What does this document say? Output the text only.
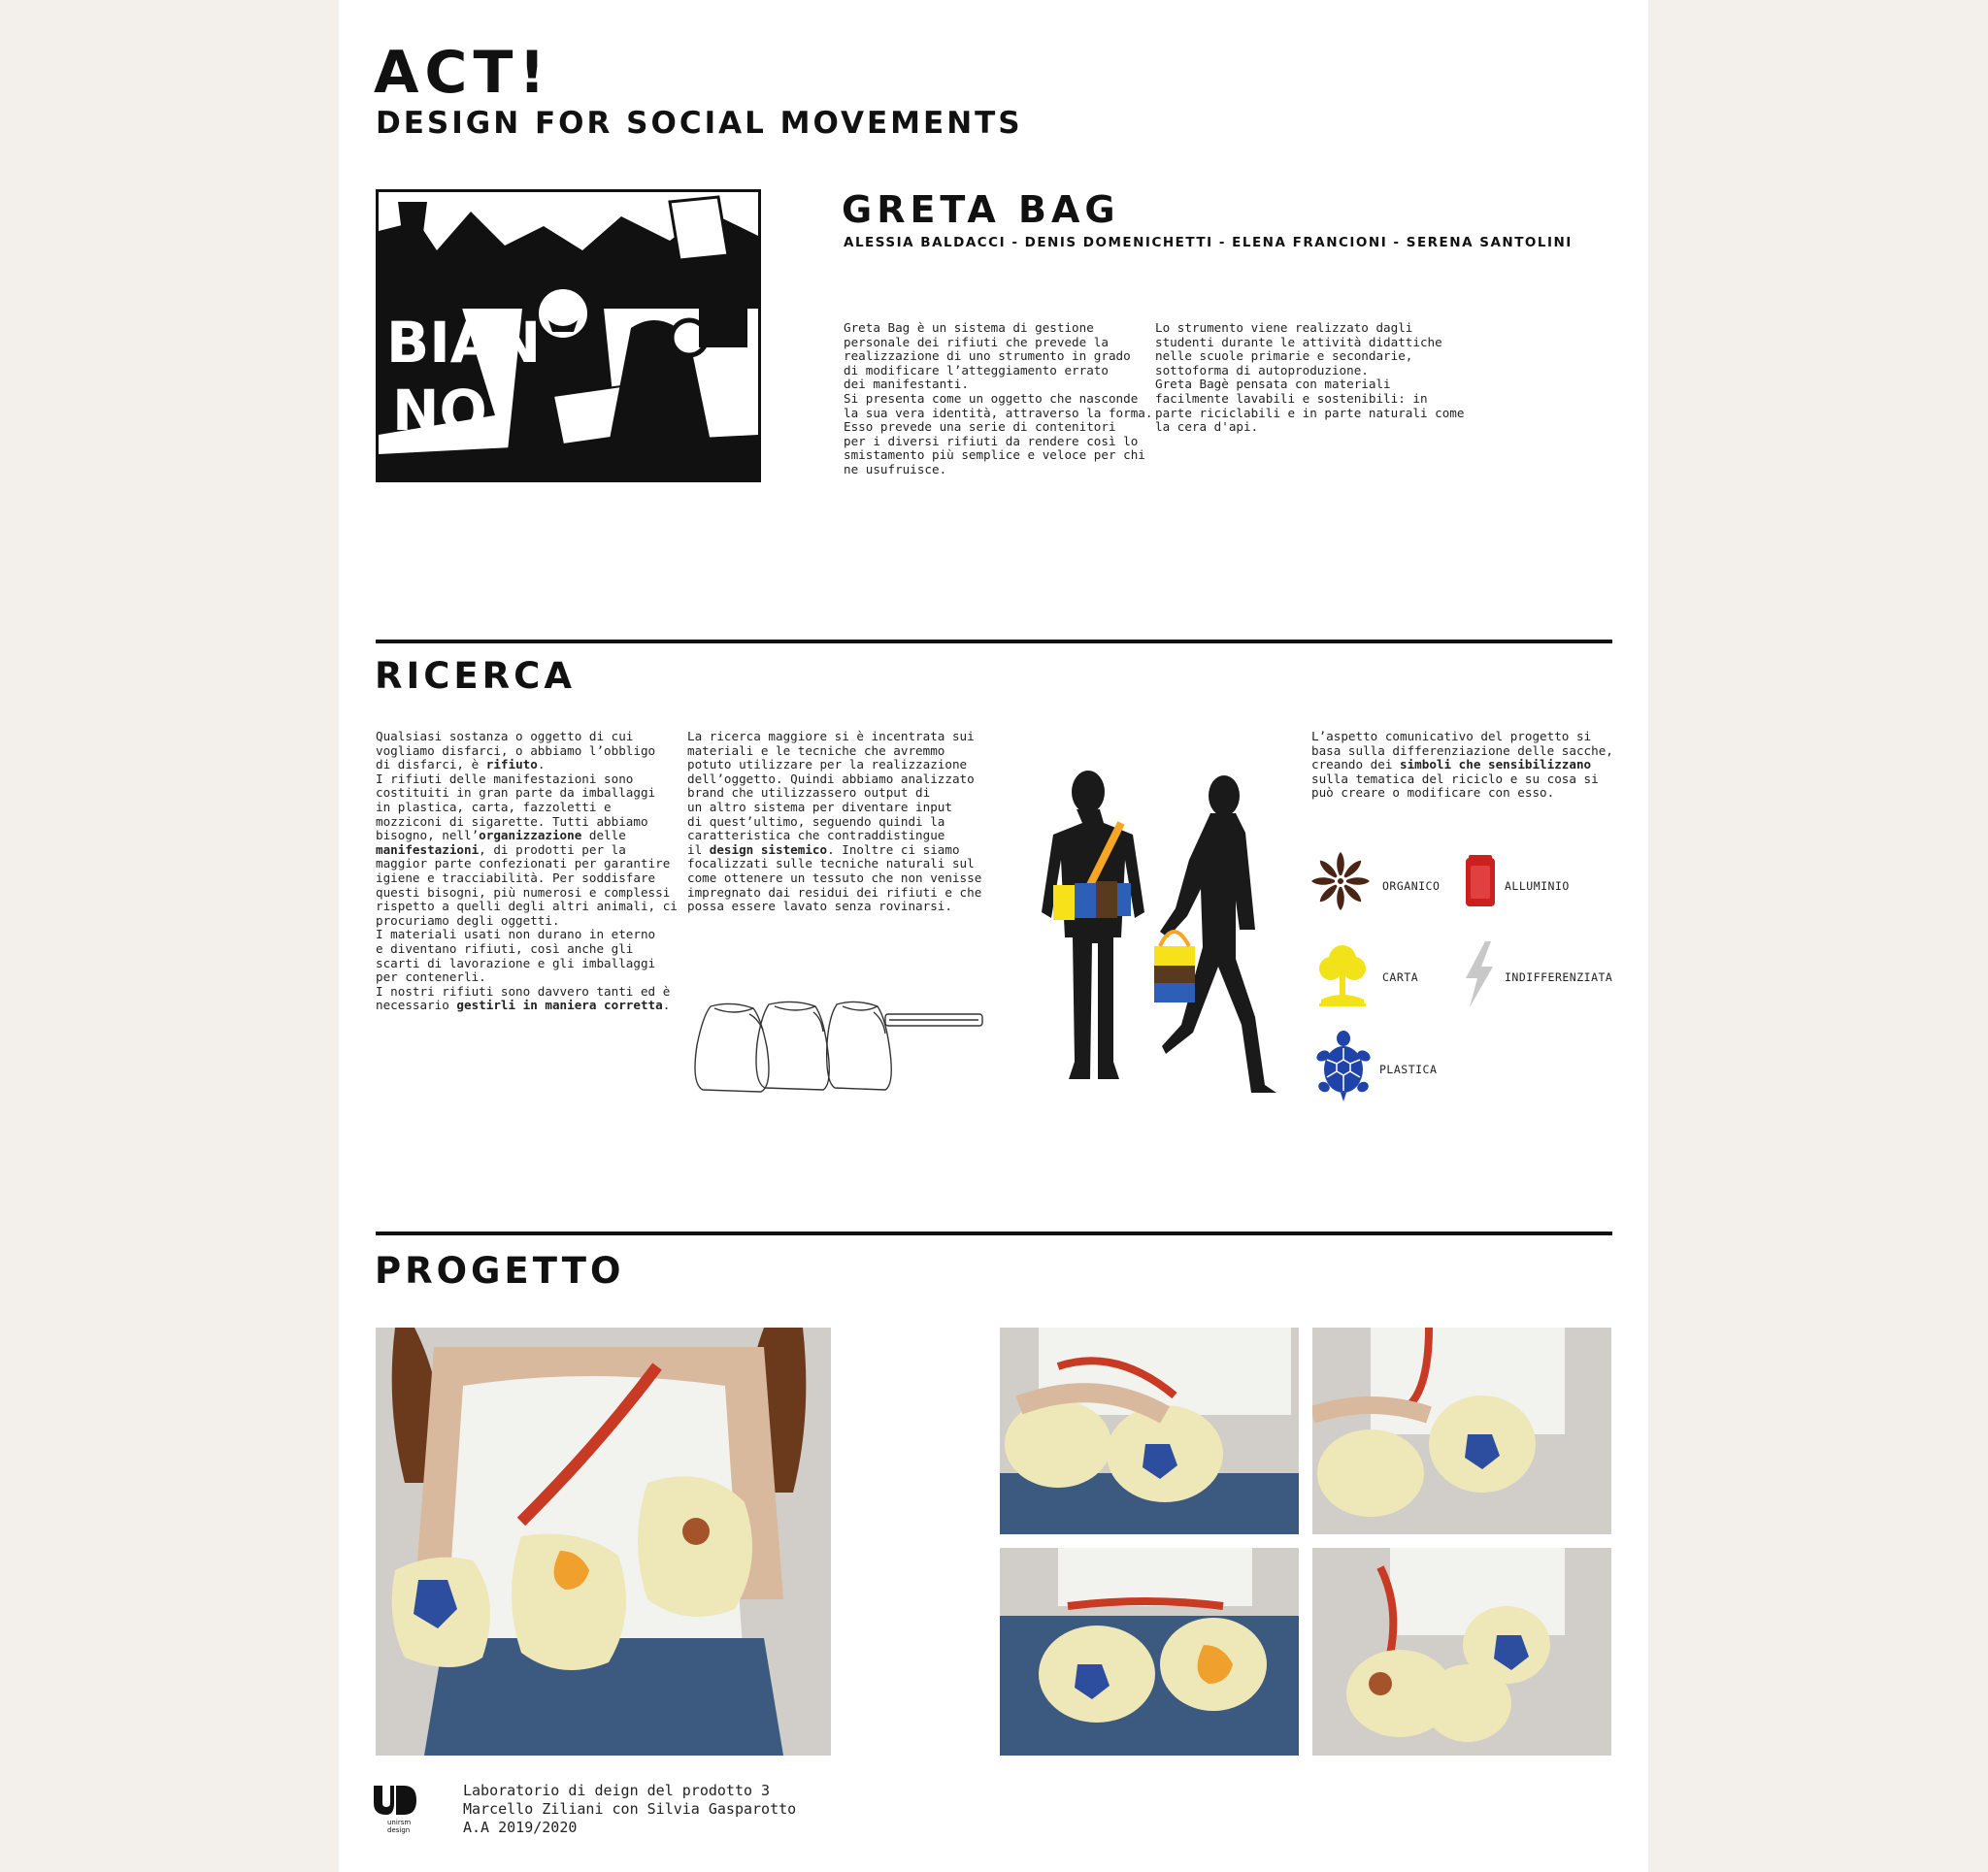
ACT!
DESIGN FOR SOCIAL MOVEMENTS
BIAN
NO
GRETA BAG
ALESSIA BALDACCI - DENIS DOMENICHETTI - ELENA FRANCIONI - SERENA SANTOLINI
Greta Bag è un sistema di gestione
personale dei rifiuti che prevede la
realizzazione di uno strumento in grado
di modificare l’atteggiamento errato
dei manifestanti.
Si presenta come un oggetto che nasconde
la sua vera identità, attraverso la forma.
Esso prevede una serie di contenitori
per i diversi rifiuti da rendere così lo
smistamento più semplice e veloce per chi
ne usufruisce.
Lo strumento viene realizzato dagli
studenti durante le attività didattiche
nelle scuole primarie e secondarie,
sottoforma di autoproduzione.
Greta Bagè pensata con materiali
facilmente lavabili e sostenibili: in
parte riciclabili e in parte naturali come
la cera d'api.
RICERCA
Qualsiasi sostanza o oggetto di cui
vogliamo disfarci, o abbiamo l’obbligo
di disfarci, è rifiuto.
I rifiuti delle manifestazioni sono
costituiti in gran parte da imballaggi
in plastica, carta, fazzoletti e
mozziconi di sigarette. Tutti abbiamo
bisogno, nell’organizzazione delle
manifestazioni, di prodotti per la
maggior parte confezionati per garantire
igiene e tracciabilità. Per soddisfare
questi bisogni, più numerosi e complessi
rispetto a quelli degli altri animali, ci
procuriamo degli oggetti.
I materiali usati non durano in eterno
e diventano rifiuti, così anche gli
scarti di lavorazione e gli imballaggi
per contenerli.
I nostri rifiuti sono davvero tanti ed è
necessario gestirli in maniera corretta.
La ricerca maggiore si è incentrata sui
materiali e le tecniche che avremmo
potuto utilizzare per la realizzazione
dell’oggetto. Quindi abbiamo analizzato
brand che utilizzassero output di
un altro sistema per diventare input
di quest’ultimo, seguendo quindi la
caratteristica che contraddistingue
il design sistemico. Inoltre ci siamo
focalizzati sulle tecniche naturali sul
come ottenere un tessuto che non venisse
impregnato dai residui dei rifiuti e che
possa essere lavato senza rovinarsi.
L’aspetto comunicativo del progetto si
basa sulla differenziazione delle sacche,
creando dei simboli che sensibilizzano
sulla tematica del riciclo e su cosa si
può creare o modificare con esso.
ORGANICO	ALLUMINIO
CARTA	INDIFFERENZIATA
PLASTICA
PROGETTO
unirsm design
Laboratorio di deign del prodotto 3
Marcello Ziliani con Silvia Gasparotto
A.A 2019/2020
